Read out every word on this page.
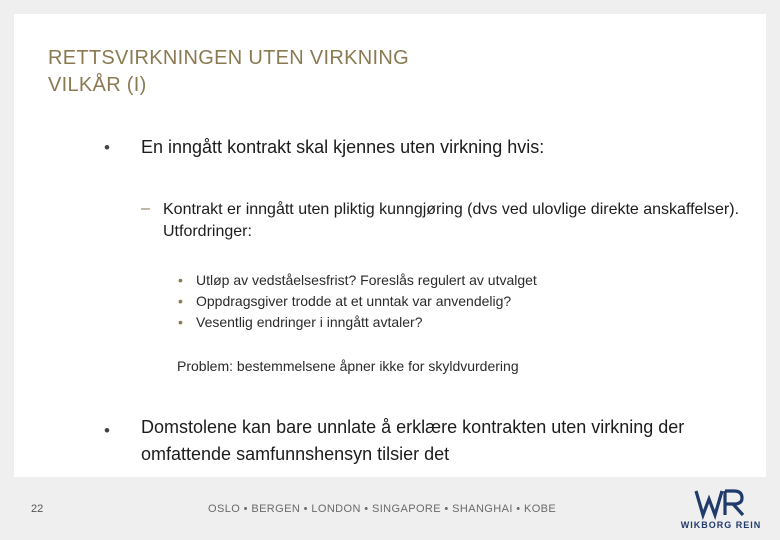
RETTSVIRKNINGEN UTEN VIRKNING
VILKÅR (I)
• En inngått kontrakt skal kjennes uten virkning hvis:
– Kontrakt er inngått uten pliktig kunngjøring (dvs ved ulovlige direkte anskaffelser). Utfordringer:
• Utløp av vedståelsesfrist? Foreslås regulert av utvalget
• Oppdragsgiver trodde at et unntak var anvendelig?
• Vesentlig endringer i inngått avtaler?
Problem: bestemmelsene åpner ikke for skyldvurdering
• Domstolene kan bare unnlate å erklære kontrakten uten virkning der omfattende samfunnshensyn tilsier det
22	OSLO • BERGEN • LONDON • SINGAPORE • SHANGHAI • KOBE
WIKBORG REIN
